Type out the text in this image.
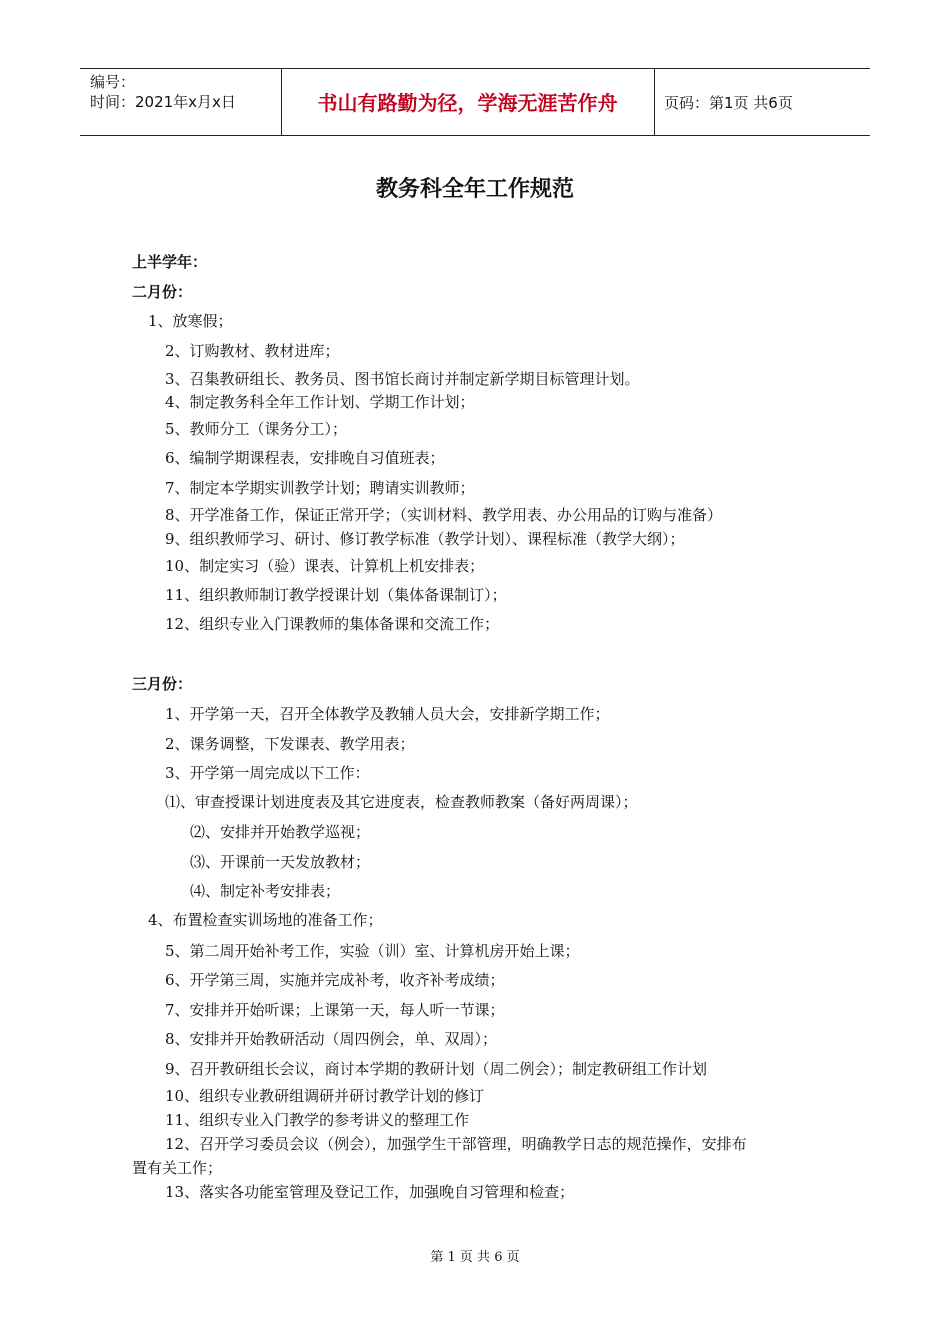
编号：
时间：2021年x月x日	书山有路勤为径，学海无涯苦作舟	页码：第1页 共6页
教务科全年工作规范
上半学年：
二月份：
1、放寒假；
2、订购教材、教材进库；
3、召集教研组长、教务员、图书馆长商讨并制定新学期目标管理计划。
4、制定教务科全年工作计划、学期工作计划；
5、教师分工（课务分工）；
6、编制学期课程表，安排晚自习值班表；
7、制定本学期实训教学计划；聘请实训教师；
8、开学准备工作，保证正常开学；（实训材料、教学用表、办公用品的订购与准备）
9、组织教师学习、研讨、修订教学标准（教学计划）、课程标准（教学大纲）；
10、制定实习（验）课表、计算机上机安排表；
11、组织教师制订教学授课计划（集体备课制订）；
12、组织专业入门课教师的集体备课和交流工作；
三月份：
1、开学第一天，召开全体教学及教辅人员大会，安排新学期工作；
2、课务调整，下发课表、教学用表；
3、开学第一周完成以下工作：
⑴、审查授课计划进度表及其它进度表，检查教师教案（备好两周课）；
⑵、安排并开始教学巡视；
⑶、开课前一天发放教材；
⑷、制定补考安排表；
4、布置检查实训场地的准备工作；
5、第二周开始补考工作，实验（训）室、计算机房开始上课；
6、开学第三周，实施并完成补考，收齐补考成绩；
7、安排并开始听课；上课第一天，每人听一节课；
8、安排并开始教研活动（周四例会，单、双周）；
9、召开教研组长会议，商讨本学期的教研计划（周二例会）；制定教研组工作计划
10、组织专业教研组调研并研讨教学计划的修订
11、组织专业入门教学的参考讲义的整理工作
12、召开学习委员会议（例会），加强学生干部管理，明确教学日志的规范操作，安排布
置有关工作；
13、落实各功能室管理及登记工作，加强晚自习管理和检查；
第 1 页 共 6 页
